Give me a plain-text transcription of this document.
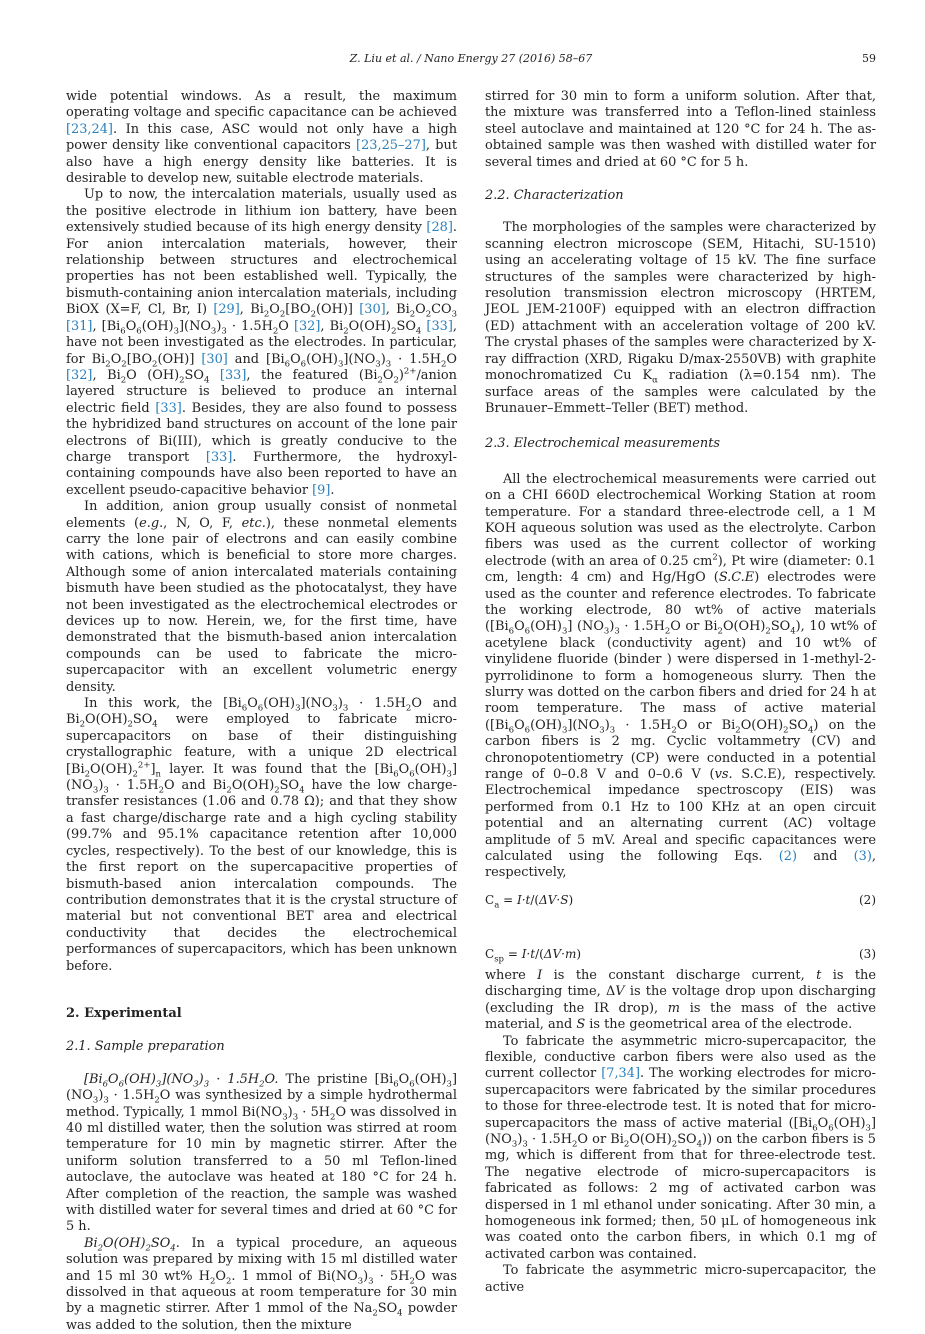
Z. Liu et al. / Nano Energy 27 (2016) 58–67	59

wide potential windows. As a result, the maximum operating voltage and specific capacitance can be achieved [23,24]. In this case, ASC would not only have a high power density like conventional capacitors [23,25–27], but also have a high energy density like batteries. It is desirable to develop new, suitable electrode materials.

Up to now, the intercalation materials, usually used as the positive electrode in lithium ion battery, have been extensively studied because of its high energy density [28]. For anion intercalation materials, however, their relationship between structures and electrochemical properties has not been established well. Typically, the bismuth-containing anion intercalation materials, including BiOX (X=F, Cl, Br, I) [29], $Bi_2O_2[BO_2(OH)]$ [30], $Bi_2O_2CO_3$ [31], $[Bi_6O_6(OH)_3](NO_3)_3 \cdot 1.5H_2O$ [32], $Bi_2O(OH)_2SO_4$ [33], have not been investigated as the electrodes. In particular, for $Bi_2O_2[BO_2(OH)]$ [30] and $[Bi_6O_6(OH)_3](NO_3)_3 \cdot 1.5H_2O$ [32], $Bi_2O$ $(OH)_2SO_4$ [33], the featured $(Bi_2O_2)^{2+}$/anion layered structure is believed to produce an internal electric field [33]. Besides, they are also found to possess the hybridized band structures on account of the lone pair electrons of Bi(III), which is greatly conducive to the charge transport [33]. Furthermore, the hydroxyl-containing compounds have also been reported to have an excellent pseudo-capacitive behavior [9].

In addition, anion group usually consist of nonmetal elements (e.g., N, O, F, etc.), these nonmetal elements carry the lone pair of electrons and can easily combine with cations, which is beneficial to store more charges. Although some of anion intercalated materials containing bismuth have been studied as the photocatalyst, they have not been investigated as the electrochemical electrodes or devices up to now. Herein, we, for the first time, have demonstrated that the bismuth-based anion intercalation compounds can be used to fabricate the micro-supercapacitor with an excellent volumetric energy density.

In this work, the $[Bi_6O_6(OH)_3](NO_3)_3 \cdot 1.5H_2O$ and $Bi_2O(OH)_2SO_4$ were employed to fabricate micro-supercapacitors on base of their distinguishing crystallographic feature, with a unique 2D electrical $[Bi_2O(OH)_2^{2+}]_n$ layer. It was found that the $[Bi_6O_6(OH)_3] (NO_3)_3 \cdot 1.5H_2O$ and $Bi_2O(OH)_2SO_4$ have the low charge-transfer resistances (1.06 and 0.78 Ω); and that they show a fast charge/discharge rate and a high cycling stability (99.7% and 95.1% capacitance retention after 10,000 cycles, respectively). To the best of our knowledge, this is the first report on the supercapacitive properties of bismuth-based anion intercalation compounds. The contribution demonstrates that it is the crystal structure of material but not conventional BET area and electrical conductivity that decides the electrochemical performances of supercapacitors, which has been unknown before.

2. Experimental
2.1. Sample preparation

$[Bi_6O_6(OH)_3](NO_3)_3 \cdot 1.5H_2O$. The pristine $[Bi_6O_6(OH)_3](NO_3)_3 \cdot 1.5H_2O$ was synthesized by a simple hydrothermal method. Typically, 1 mmol $Bi(NO_3)_3 \cdot 5H_2O$ was dissolved in 40 ml distilled water, then the solution was stirred at room temperature for 10 min by magnetic stirrer. After the uniform solution transferred to a 50 ml Teflon-lined autoclave, the autoclave was heated at 180 °C for 24 h. After completion of the reaction, the sample was washed with distilled water for several times and dried at 60 °C for 5 h.

$Bi_2O(OH)_2SO_4$. In a typical procedure, an aqueous solution was prepared by mixing with 15 ml distilled water and 15 ml 30 wt% $H_2O_2$. 1 mmol of $Bi(NO_3)_3 \cdot 5H_2O$ was dissolved in that aqueous at room temperature for 30 min by a magnetic stirrer. After 1 mmol of the $Na_2SO_4$ powder was added to the solution, then the mixture

stirred for 30 min to form a uniform solution. After that, the mixture was transferred into a Teflon-lined stainless steel autoclave and maintained at 120 °C for 24 h. The as-obtained sample was then washed with distilled water for several times and dried at 60 °C for 5 h.

2.2. Characterization

The morphologies of the samples were characterized by scanning electron microscope (SEM, Hitachi, SU-1510) using an accelerating voltage of 15 kV. The fine surface structures of the samples were characterized by high-resolution transmission electron microscopy (HRTEM, JEOL JEM-2100F) equipped with an electron diffraction (ED) attachment with an acceleration voltage of 200 kV. The crystal phases of the samples were characterized by X-ray diffraction (XRD, Rigaku D/max-2550VB) with graphite monochromatized Cu $K_\alpha$ radiation (λ=0.154 nm). The surface areas of the samples were calculated by the Brunauer–Emmett–Teller (BET) method.

2.3. Electrochemical measurements

All the electrochemical measurements were carried out on a CHI 660D electrochemical Working Station at room temperature. For a standard three-electrode cell, a 1 M KOH aqueous solution was used as the electrolyte. Carbon fibers was used as the current collector of working electrode (with an area of 0.25 $cm^2$), Pt wire (diameter: 0.1 cm, length: 4 cm) and Hg/HgO (S.C.E) electrodes were used as the counter and reference electrodes. To fabricate the working electrode, 80 wt% of active materials ($[Bi_6O_6(OH)_3] (NO_3)_3 \cdot 1.5H_2O$ or $Bi_2O(OH)_2SO_4$), 10 wt% of acetylene black (conductivity agent) and 10 wt% of vinylidene fluoride (binder ) were dispersed in 1-methyl-2-pyrrolidinone to form a homogeneous slurry. Then the slurry was dotted on the carbon fibers and dried for 24 h at room temperature. The mass of active material ($[Bi_6O_6(OH)_3](NO_3)_3 \cdot 1.5H_2O$ or $Bi_2O(OH)_2SO_4$) on the carbon fibers is 2 mg. Cyclic voltammetry (CV) and chronopotentiometry (CP) were conducted in a potential range of 0–0.8 V and 0–0.6 V (vs. S.C.E), respectively. Electrochemical impedance spectroscopy (EIS) was performed from 0.1 Hz to 100 KHz at an open circuit potential and an alternating current (AC) voltage amplitude of 5 mV. Areal and specific capacitances were calculated using the following Eqs. (2) and (3), respectively,

$C_a = I\cdot t/(\Delta V\cdot S)$	(2)
$C_{sp} = I\cdot t/(\Delta V\cdot m)$	(3)

where I is the constant discharge current, t is the discharging time, ΔV is the voltage drop upon discharging (excluding the IR drop), m is the mass of the active material, and S is the geometrical area of the electrode.

To fabricate the asymmetric micro-supercapacitor, the flexible, conductive carbon fibers were also used as the current collector [7,34]. The working electrodes for micro-supercapacitors were fabricated by the similar procedures to those for three-electrode test. It is noted that for micro-supercapacitors the mass of active material ($[Bi_6O_6(OH)_3](NO_3)_3 \cdot 1.5H_2O$ or $Bi_2O(OH)_2SO_4$)) on the carbon fibers is 5 mg, which is different from that for three-electrode test. The negative electrode of micro-supercapacitors is fabricated as follows: 2 mg of activated carbon was dispersed in 1 ml ethanol under sonicating. After 30 min, a homogeneous ink formed; then, 50 μL of homogeneous ink was coated onto the carbon fibers, in which 0.1 mg of activated carbon was contained.

To fabricate the asymmetric micro-supercapacitor, the active
